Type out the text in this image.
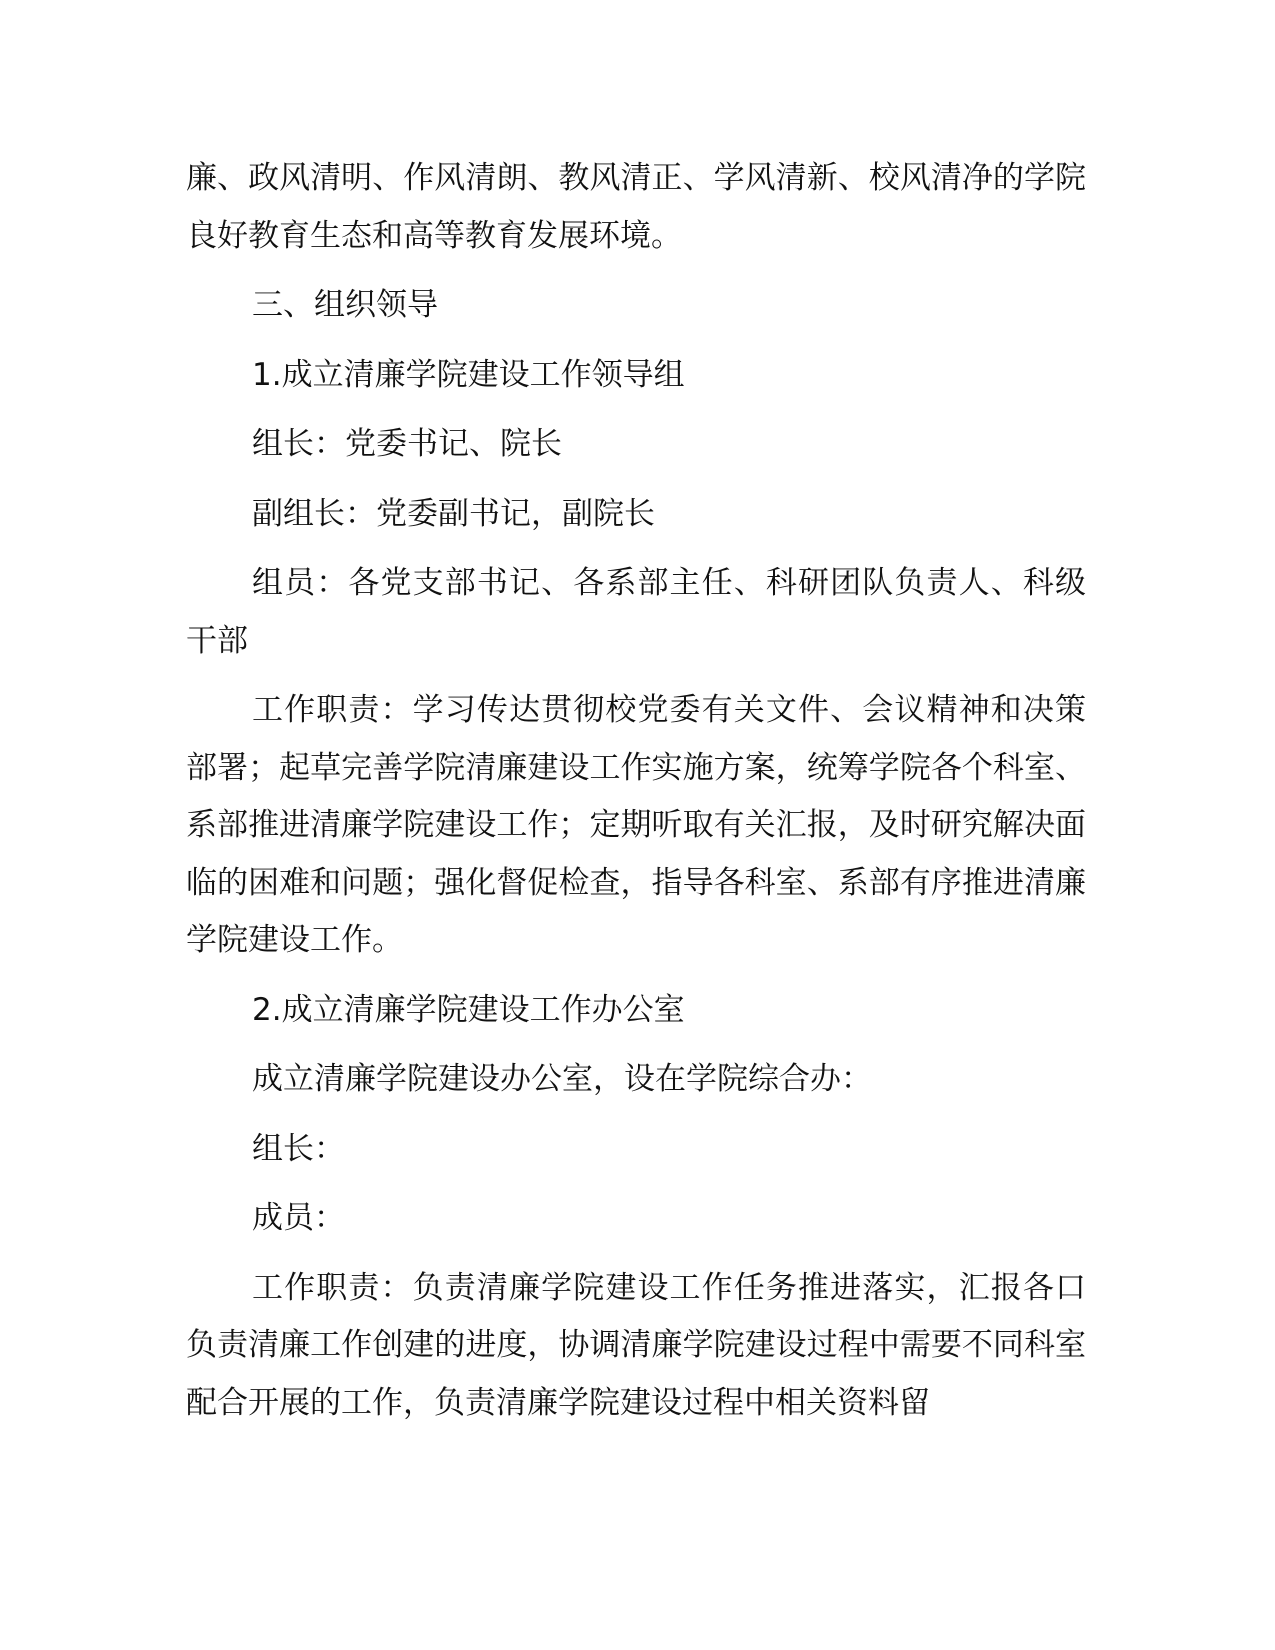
廉、政风清明、作风清朗、教风清正、学风清新、校风清净的学院良好教育生态和高等教育发展环境。

三、组织领导

1.成立清廉学院建设工作领导组

组长：党委书记、院长

副组长：党委副书记，副院长

组员：各党支部书记、各系部主任、科研团队负责人、科级干部

工作职责：学习传达贯彻校党委有关文件、会议精神和决策部署；起草完善学院清廉建设工作实施方案，统筹学院各个科室、系部推进清廉学院建设工作；定期听取有关汇报，及时研究解决面临的困难和问题；强化督促检查，指导各科室、系部有序推进清廉学院建设工作。

2.成立清廉学院建设工作办公室

成立清廉学院建设办公室，设在学院综合办：

组长：

成员：

工作职责：负责清廉学院建设工作任务推进落实，汇报各口负责清廉工作创建的进度，协调清廉学院建设过程中需要不同科室配合开展的工作，负责清廉学院建设过程中相关资料留
